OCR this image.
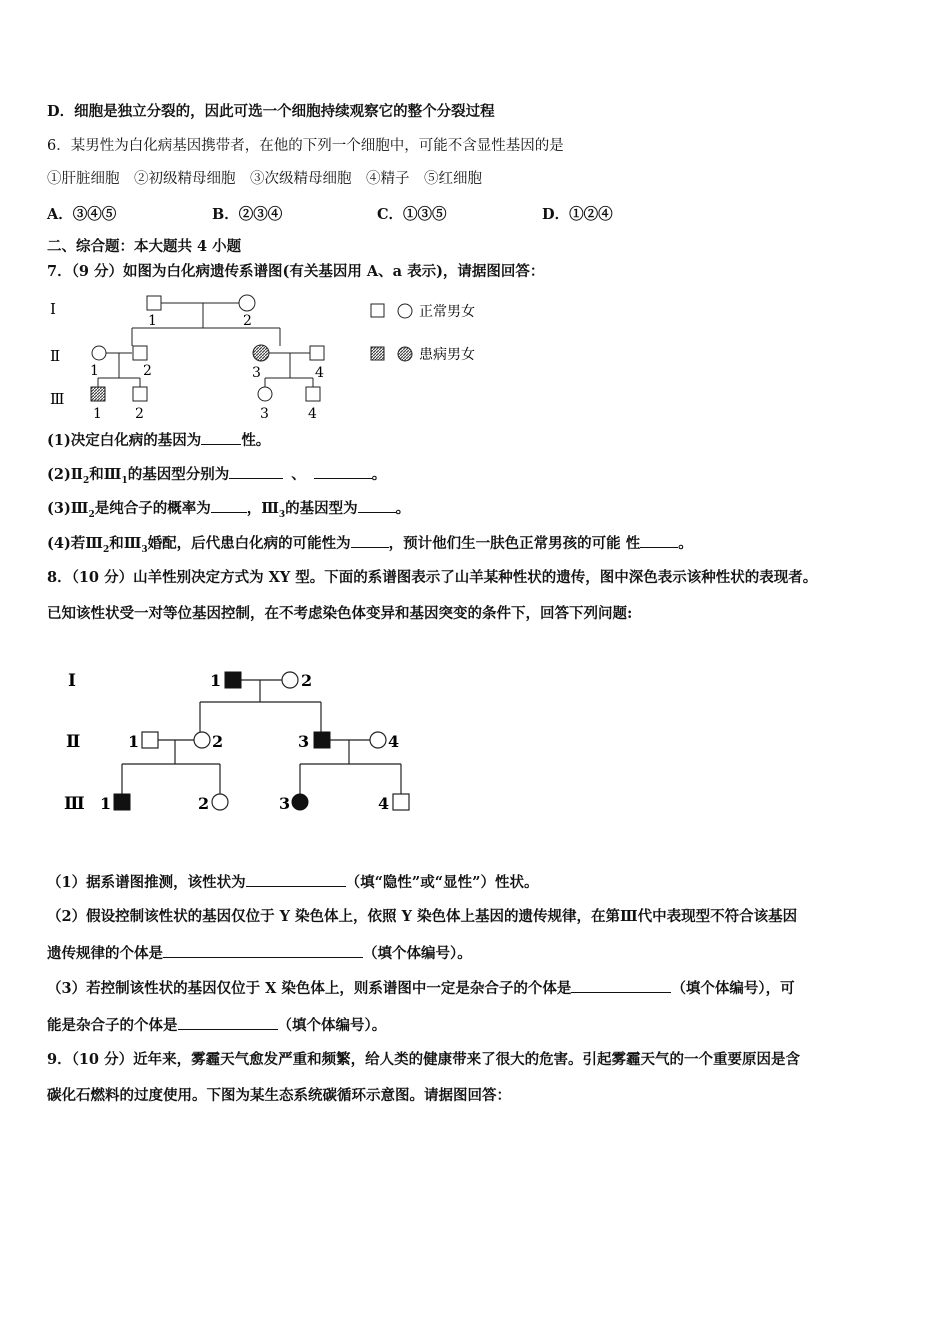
D．细胞是独立分裂的，因此可选一个细胞持续观察它的整个分裂过程
6．某男性为白化病基因携带者，在他的下列一个细胞中，可能不含显性基因的是
①肝脏细胞　②初级精母细胞　③次级精母细胞　④精子　⑤红细胞
A．③④⑤	B．②③④	C．①③⑤	D．①②④
二、综合题：本大题共 4 小题
7．（9 分）如图为白化病遗传系谱图(有关基因用 A、a 表示)，请据图回答：
Ⅰ
Ⅱ
Ⅲ
1	2
1	2	3	4
1 2	3	4
正常男女
患病男女
(1)决定白化病的基因为	性。
$(2)Ⅱ_2$和$Ⅲ_1$的基因型分别为	、	。
$(3)Ⅲ_2$是纯合子的概率为 ，$Ⅲ_3$的基因型为	。
(4)若$Ⅲ_2$和$Ⅲ_3$婚配，后代患白化病的可能性为	，预计他们生一肤色正常男孩的可能 性	。
8．（10 分）山羊性别决定方式为 XY 型。下面的系谱图表示了山羊某种性状的遗传，图中深色表示该种性状的表现者。
已知该性状受一对等位基因控制，在不考虑染色体变异和基因突变的条件下，回答下列问题:
Ⅰ
Ⅱ
Ⅲ
1	2
1	2	3	4
1	2	3	4
（1）据系谱图推测，该性状为	（填“隐性”或“显性”）性状。
（2）假设控制该性状的基因仅位于 Y 染色体上，依照 Y 染色体上基因的遗传规律，在第Ⅲ代中表现型不符合该基因
遗传规律的个体是	（填个体编号）。
（3）若控制该性状的基因仅位于 X 染色体上，则系谱图中一定是杂合子的个体是	（填个体编号），可
能是杂合子的个体是	（填个体编号）。
9．（10 分）近年来，雾霾天气愈发严重和频繁，给人类的健康带来了很大的危害。引起雾霾天气的一个重要原因是含
碳化石燃料的过度使用。下图为某生态系统碳循环示意图。请据图回答：
